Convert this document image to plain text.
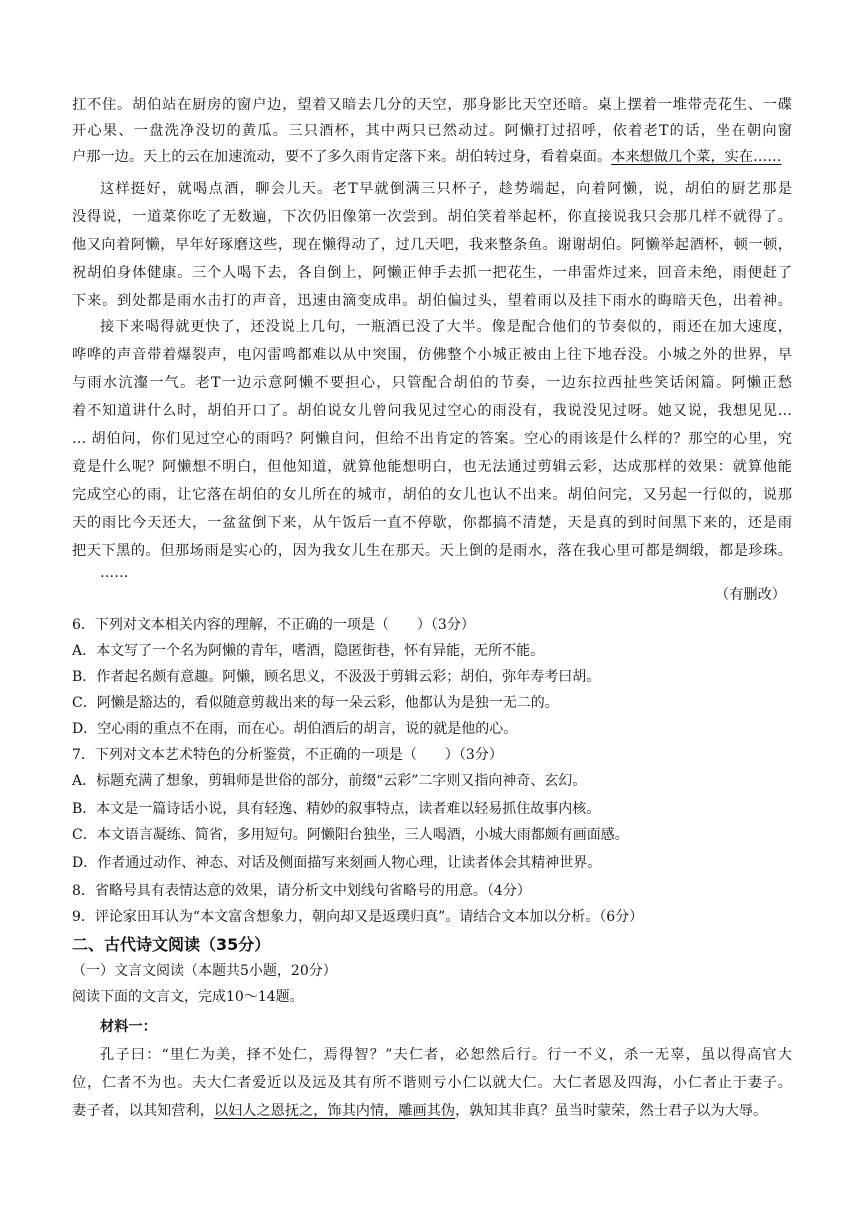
扛不住。胡伯站在厨房的窗户边，望着又暗去几分的天空，那身影比天空还暗。桌上摆着一堆带壳花生、一碟
开心果、一盘洗净没切的黄瓜。三只酒杯，其中两只已然动过。阿懒打过招呼，依着老T的话，坐在朝向窗
户那一边。天上的云在加速流动，要不了多久雨肯定落下来。胡伯转过身，看着桌面。本来想做几个菜，实在……
这样挺好，就喝点酒，聊会儿天。老T早就倒满三只杯子，趁势端起，向着阿懒，说，胡伯的厨艺那是
没得说，一道菜你吃了无数遍，下次仍旧像第一次尝到。胡伯笑着举起杯，你直接说我只会那几样不就得了。
他又向着阿懒，早年好琢磨这些，现在懒得动了，过几天吧，我来整条鱼。谢谢胡伯。阿懒举起酒杯，顿一顿，
祝胡伯身体健康。三个人喝下去，各自倒上，阿懒正伸手去抓一把花生，一串雷炸过来，回音未绝，雨便赶了
下来。到处都是雨水击打的声音，迅速由滴变成串。胡伯偏过头，望着雨以及挂下雨水的晦暗天色，出着神。
接下来喝得就更快了，还没说上几句，一瓶酒已没了大半。像是配合他们的节奏似的，雨还在加大速度，
哗哗的声音带着爆裂声，电闪雷鸣都难以从中突围，仿佛整个小城正被由上往下地吞没。小城之外的世界，早
与雨水沆瀣一气。老T一边示意阿懒不要担心，只管配合胡伯的节奏，一边东拉西扯些笑话闲篇。阿懒正愁
着不知道讲什么时，胡伯开口了。胡伯说女儿曾问我见过空心的雨没有，我说没见过呀。她又说，我想见见…
… 胡伯问，你们见过空心的雨吗？阿懒自问，但给不出肯定的答案。空心的雨该是什么样的？那空的心里，究
竟是什么呢？阿懒想不明白，但他知道，就算他能想明白，也无法通过剪辑云彩，达成那样的效果：就算他能
完成空心的雨，让它落在胡伯的女儿所在的城市，胡伯的女儿也认不出来。胡伯问完，又另起一行似的，说那
天的雨比今天还大，一盆盆倒下来，从午饭后一直不停歇，你都搞不清楚，天是真的到时间黑下来的，还是雨
把天下黑的。但那场雨是实心的，因为我女儿生在那天。天上倒的是雨水，落在我心里可都是绸缎，都是珍珠。
……
（有删改）
6．下列对文本相关内容的理解，不正确的一项是（　　）（3分）
A．本文写了一个名为阿懒的青年，嗜酒，隐匿街巷，怀有异能，无所不能。
B．作者起名颇有意趣。阿懒，顾名思义，不汲汲于剪辑云彩；胡伯，弥年寿考曰胡。
C．阿懒是豁达的，看似随意剪裁出来的每一朵云彩，他都认为是独一无二的。
D．空心雨的重点不在雨，而在心。胡伯酒后的胡言，说的就是他的心。
7．下列对文本艺术特色的分析鉴赏，不正确的一项是（　　）（3分）
A．标题充满了想象，剪辑师是世俗的部分，前缀“云彩”二字则又指向神奇、玄幻。
B．本文是一篇诗话小说，具有轻逸、精妙的叙事特点，读者难以轻易抓住故事内核。
C．本文语言凝练、简省，多用短句。阿懒阳台独坐，三人喝酒，小城大雨都颇有画面感。
D．作者通过动作、神态、对话及侧面描写来刻画人物心理，让读者体会其精神世界。
8．省略号具有表情达意的效果，请分析文中划线句省略号的用意。（4分）
9．评论家田耳认为“本文富含想象力，朝向却又是返璞归真”。请结合文本加以分析。（6分）
二、古代诗文阅读（35分）
（一）文言文阅读（本题共5小题，20分）
阅读下面的文言文，完成10～14题。
材料一：
孔子曰：“里仁为美，择不处仁，焉得智？”夫仁者，必恕然后行。行一不义，杀一无辜，虽以得高官大
位，仁者不为也。夫大仁者爱近以及远及其有所不谐则亏小仁以就大仁。大仁者恩及四海，小仁者止于妻子。
妻子者，以其知营利，以妇人之恩抚之，饰其内情，雕画其伪，孰知其非真？虽当时蒙荣，然士君子以为大辱。
